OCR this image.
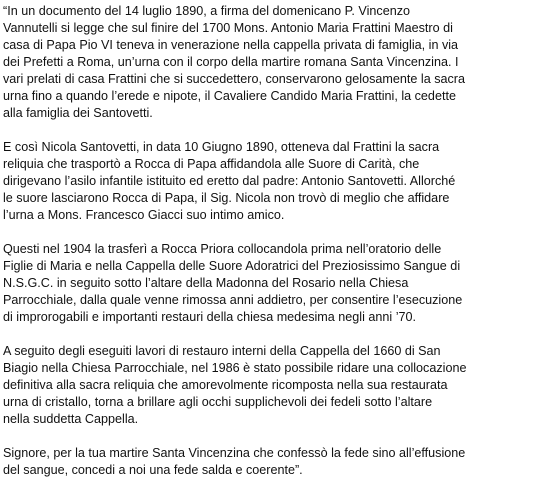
“In un documento del 14 luglio 1890, a firma del domenicano P. Vincenzo
Vannutelli si legge che sul finire del 1700 Mons. Antonio Maria Frattini Maestro di
casa di Papa Pio VI teneva in venerazione nella cappella privata di famiglia, in via
dei Prefetti a Roma, un’urna con il corpo della martire romana Santa Vincenzina. I
vari prelati di casa Frattini che si succedettero, conservarono gelosamente la sacra
urna fino a quando l’erede e nipote, il Cavaliere Candido Maria Frattini, la cedette
alla famiglia dei Santovetti.

E così Nicola Santovetti, in data 10 Giugno 1890, otteneva dal Frattini la sacra
reliquia che trasportò a Rocca di Papa affidandola alle Suore di Carità, che
dirigevano l’asilo infantile istituito ed eretto dal padre: Antonio Santovetti. Allorché
le suore lasciarono Rocca di Papa, il Sig. Nicola non trovò di meglio che affidare
l’urna a Mons. Francesco Giacci suo intimo amico.

Questi nel 1904 la trasferì a Rocca Priora collocandola prima nell’oratorio delle
Figlie di Maria e nella Cappella delle Suore Adoratrici del Preziosissimo Sangue di
N.S.G.C. in seguito sotto l’altare della Madonna del Rosario nella Chiesa
Parrocchiale, dalla quale venne rimossa anni addietro, per consentire l’esecuzione
di improrogabili e importanti restauri della chiesa medesima negli anni ’70.

A seguito degli eseguiti lavori di restauro interni della Cappella del 1660 di San
Biagio nella Chiesa Parrocchiale, nel 1986 è stato possibile ridare una collocazione
definitiva alla sacra reliquia che amorevolmente ricomposta nella sua restaurata
urna di cristallo, torna a brillare agli occhi supplichevoli dei fedeli sotto l’altare
nella suddetta Cappella.

Signore, per la tua martire Santa Vincenzina che confessò la fede sino all’effusione
del sangue, concedi a noi una fede salda e coerente”.
